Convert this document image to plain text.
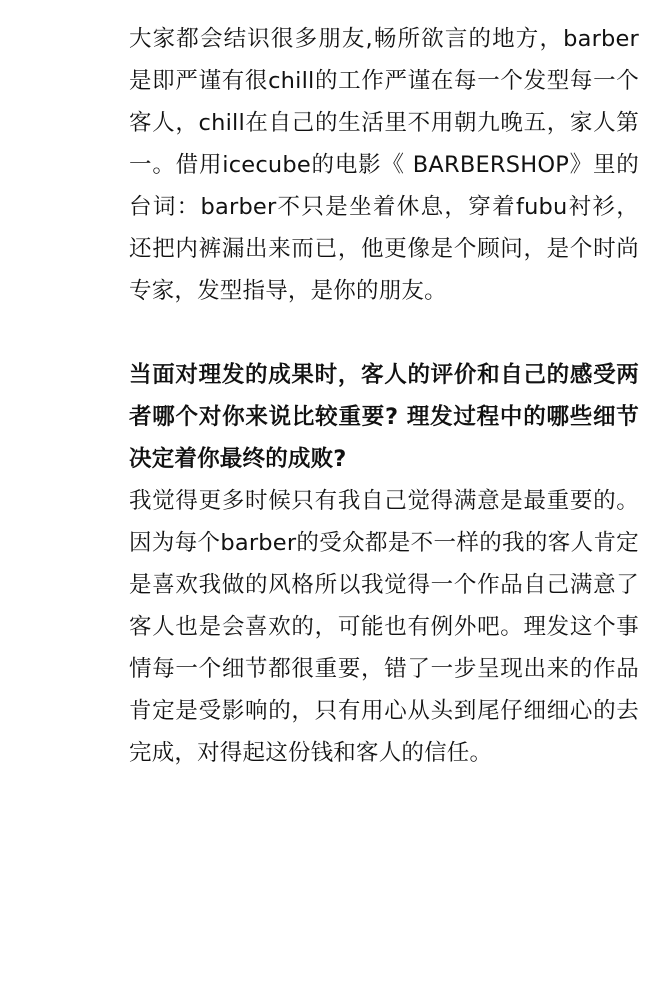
大家都会结识很多朋友,畅所欲言的地方，barber是即严谨有很chill的工作严谨在每一个发型每一个客人，chill在自己的生活里不用朝九晚五，家人第一。借用icecube的电影《 BARBERSHOP》里的台词：barber不只是坐着休息，穿着fubu衬衫，还把内裤漏出来而已，他更像是个顾问，是个时尚专家，发型指导，是你的朋友。

当面对理发的成果时，客人的评价和自己的感受两者哪个对你来说比较重要? 理发过程中的哪些细节决定着你最终的成败?

我觉得更多时候只有我自己觉得满意是最重要的。因为每个barber的受众都是不一样的我的客人肯定是喜欢我做的风格所以我觉得一个作品自己满意了客人也是会喜欢的，可能也有例外吧。理发这个事情每一个细节都很重要，错了一步呈现出来的作品肯定是受影响的，只有用心从头到尾仔细细心的去完成，对得起这份钱和客人的信任。
